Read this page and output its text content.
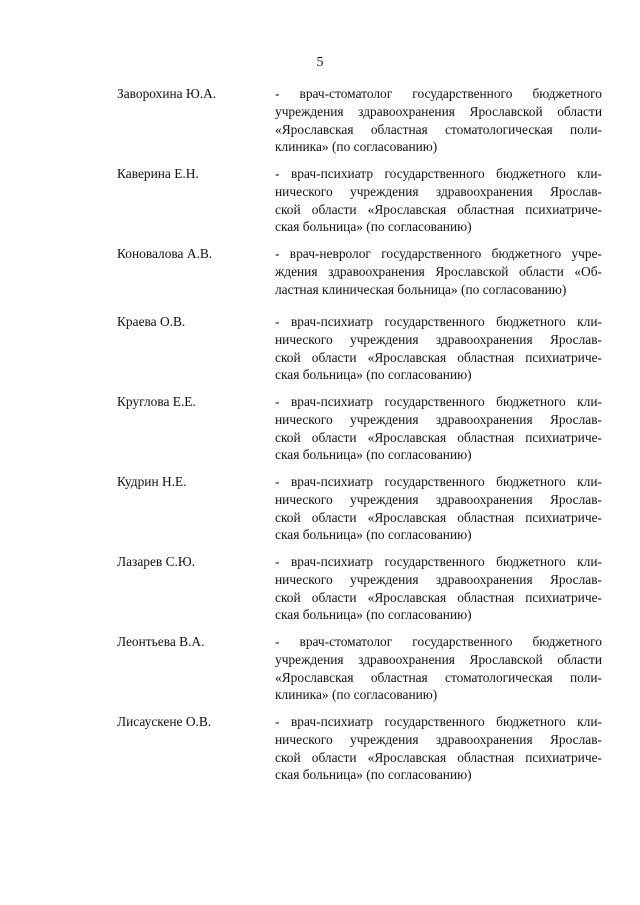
5
Заворохина Ю.А.	- врач-стоматолог государственного бюджетного
учреждения здравоохранения Ярославской области
«Ярославская областная стоматологическая поли-
клиника» (по согласованию)
Каверина Е.Н.	- врач-психиатр государственного бюджетного кли-
нического учреждения здравоохранения Ярослав-
ской области «Ярославская областная психиатриче-
ская больница» (по согласованию)
Коновалова А.В.	- врач-невролог государственного бюджетного учре-
ждения здравоохранения Ярославской области «Об-
ластная клиническая больница» (по согласованию)
Краева О.В.	- врач-психиатр государственного бюджетного кли-
нического учреждения здравоохранения Ярослав-
ской области «Ярославская областная психиатриче-
ская больница» (по согласованию)
Круглова Е.Е.	- врач-психиатр государственного бюджетного кли-
нического учреждения здравоохранения Ярослав-
ской области «Ярославская областная психиатриче-
ская больница» (по согласованию)
Кудрин Н.Е.	- врач-психиатр государственного бюджетного кли-
нического учреждения здравоохранения Ярослав-
ской области «Ярославская областная психиатриче-
ская больница» (по согласованию)
Лазарев С.Ю.	- врач-психиатр государственного бюджетного кли-
нического учреждения здравоохранения Ярослав-
ской области «Ярославская областная психиатриче-
ская больница» (по согласованию)
Леонтьева В.А.	- врач-стоматолог государственного бюджетного
учреждения здравоохранения Ярославской области
«Ярославская областная стоматологическая поли-
клиника» (по согласованию)
Лисаускене О.В.	- врач-психиатр государственного бюджетного кли-
нического учреждения здравоохранения Ярослав-
ской области «Ярославская областная психиатриче-
ская больница» (по согласованию)
